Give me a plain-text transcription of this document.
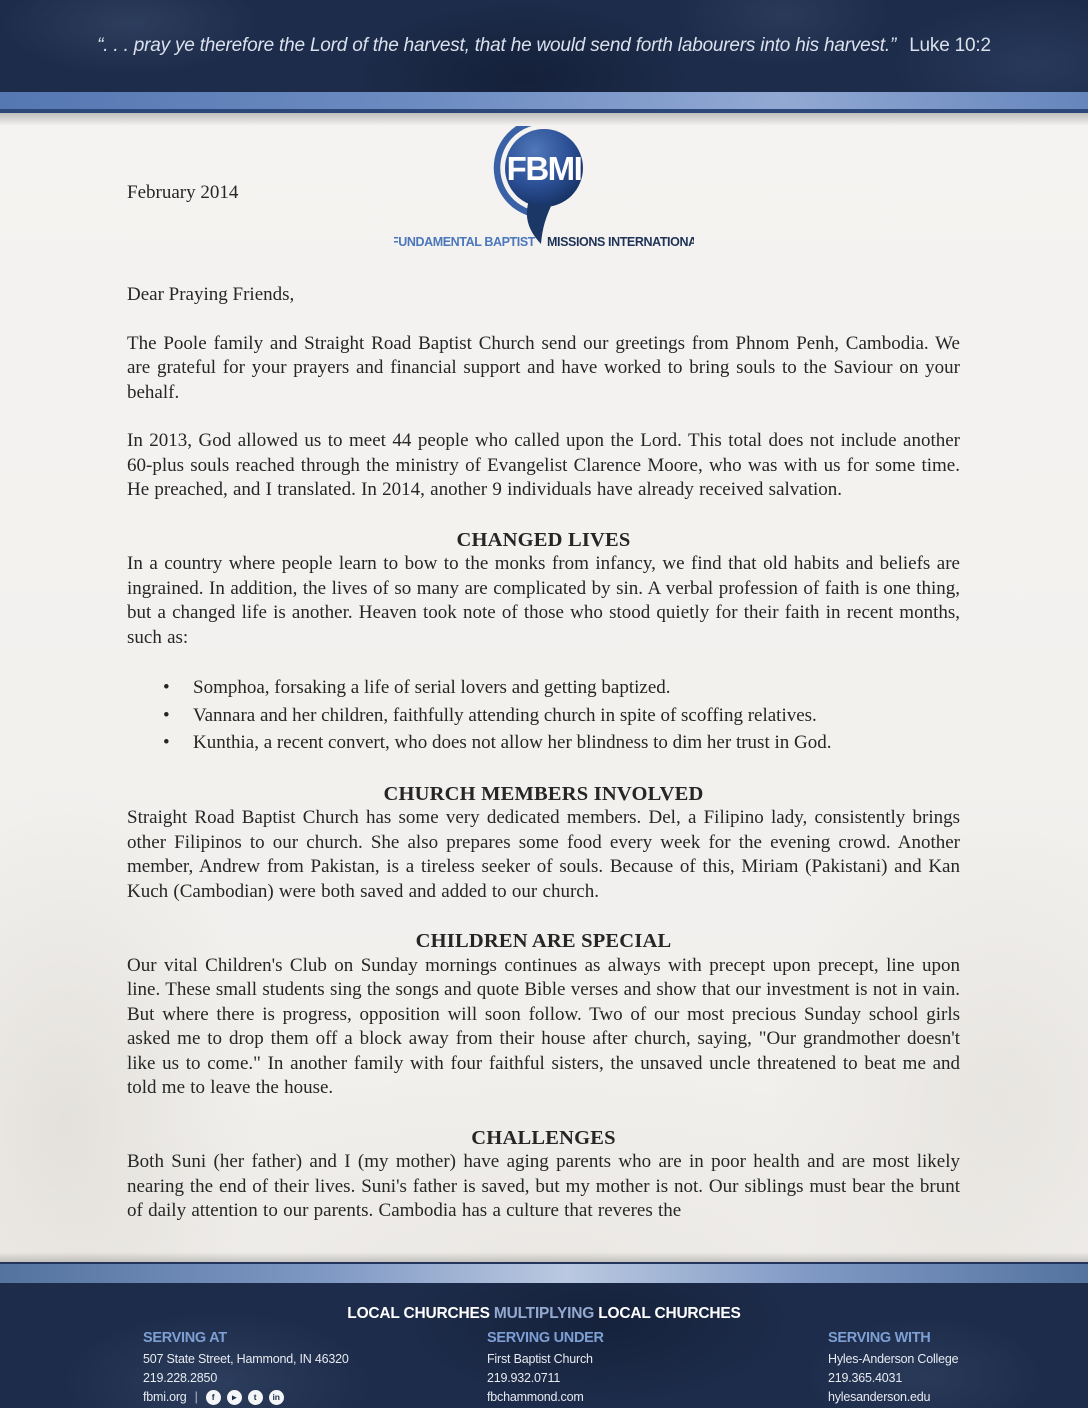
“. . . pray ye therefore the Lord of the harvest, that he would send forth labourers into his harvest.” Luke 10:2

February 2014

Dear Praying Friends,

The Poole family and Straight Road Baptist Church send our greetings from Phnom Penh, Cambodia. We are grateful for your prayers and financial support and have worked to bring souls to the Saviour on your behalf.

In 2013, God allowed us to meet 44 people who called upon the Lord. This total does not include another 60-plus souls reached through the ministry of Evangelist Clarence Moore, who was with us for some time. He preached, and I translated. In 2014, another 9 individuals have already received salvation.

CHANGED LIVES

In a country where people learn to bow to the monks from infancy, we find that old habits and beliefs are ingrained. In addition, the lives of so many are complicated by sin. A verbal profession of faith is one thing, but a changed life is another. Heaven took note of those who stood quietly for their faith in recent months, such as:

• Somphoa, forsaking a life of serial lovers and getting baptized.
• Vannara and her children, faithfully attending church in spite of scoffing relatives.
• Kunthia, a recent convert, who does not allow her blindness to dim her trust in God.
CHURCH MEMBERS INVOLVED

Straight Road Baptist Church has some very dedicated members. Del, a Filipino lady, consistently brings other Filipinos to our church. She also prepares some food every week for the evening crowd. Another member, Andrew from Pakistan, is a tireless seeker of souls. Because of this, Miriam (Pakistani) and Kan Kuch (Cambodian) were both saved and added to our church.

CHILDREN ARE SPECIAL

Our vital Children's Club on Sunday mornings continues as always with precept upon precept, line upon line. These small students sing the songs and quote Bible verses and show that our investment is not in vain. But where there is progress, opposition will soon follow. Two of our most precious Sunday school girls asked me to drop them off a block away from their house after church, saying, "Our grandmother doesn't like us to come." In another family with four faithful sisters, the unsaved uncle threatened to beat me and told me to leave the house.

CHALLENGES

Both Suni (her father) and I (my mother) have aging parents who are in poor health and are most likely nearing the end of their lives. Suni's father is saved, but my mother is not. Our siblings must bear the brunt of daily attention to our parents. Cambodia has a culture that reveres the

FBMI
FUNDAMENTAL BAPTIST MISSIONS INTERNATIONAL

LOCAL CHURCHES MULTIPLYING LOCAL CHURCHES

SERVING AT

507 State Street, Hammond, IN 46320

219.228.2850

fbmi.org |	f	▸	t	in

SERVING UNDER

First Baptist Church

219.932.0711

fbchammond.com

SERVING WITH

Hyles-Anderson College

219.365.4031

hylesanderson.edu
